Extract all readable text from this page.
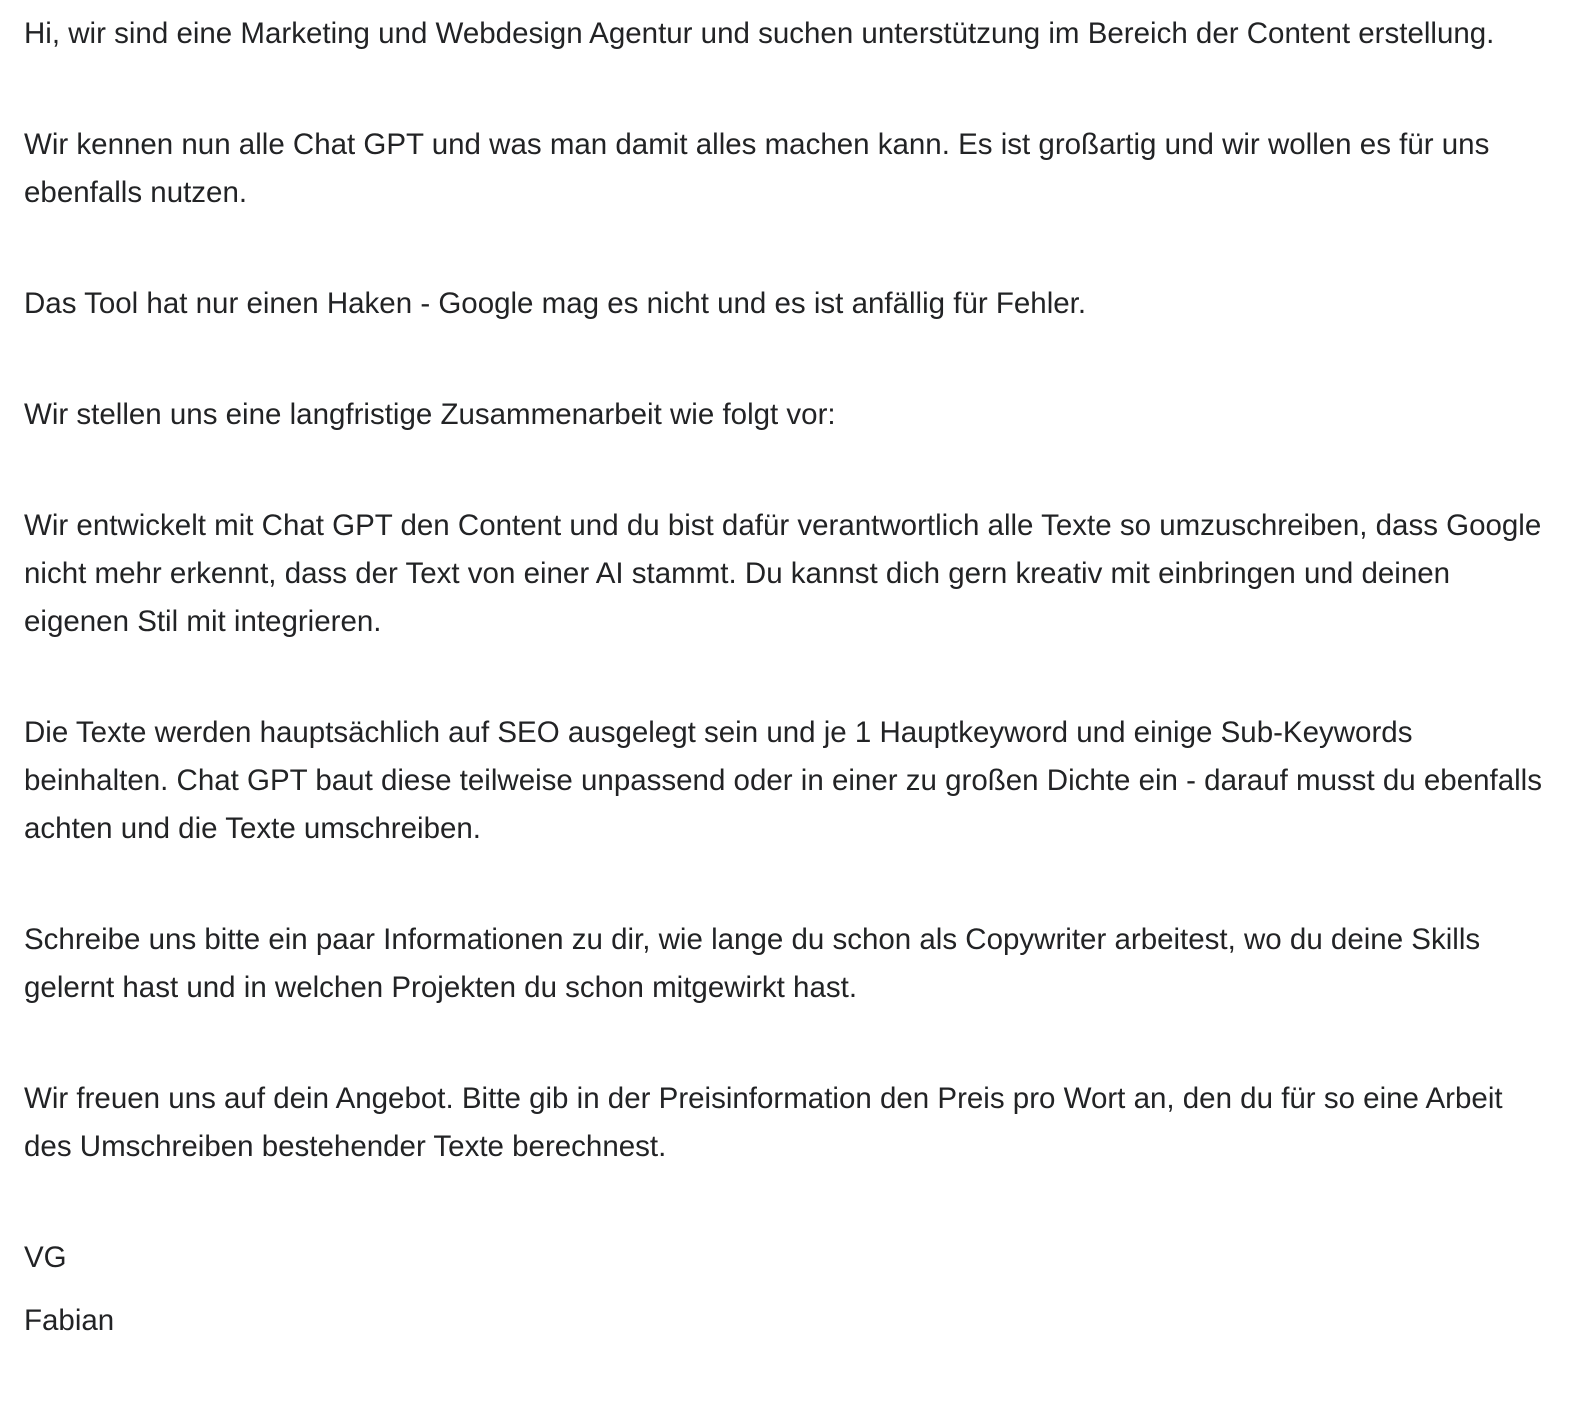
Hi, wir sind eine Marketing und Webdesign Agentur und suchen unterstützung im Bereich der Content erstellung.

Wir kennen nun alle Chat GPT und was man damit alles machen kann. Es ist großartig und wir wollen es für uns ebenfalls nutzen.

Das Tool hat nur einen Haken - Google mag es nicht und es ist anfällig für Fehler.

Wir stellen uns eine langfristige Zusammenarbeit wie folgt vor:

Wir entwickelt mit Chat GPT den Content und du bist dafür verantwortlich alle Texte so umzuschreiben, dass Google nicht mehr erkennt, dass der Text von einer AI stammt. Du kannst dich gern kreativ mit einbringen und deinen eigenen Stil mit integrieren.

Die Texte werden hauptsächlich auf SEO ausgelegt sein und je 1 Hauptkeyword und einige Sub-Keywords beinhalten. Chat GPT baut diese teilweise unpassend oder in einer zu großen Dichte ein - darauf musst du ebenfalls achten und die Texte umschreiben.

Schreibe uns bitte ein paar Informationen zu dir, wie lange du schon als Copywriter arbeitest, wo du deine Skills gelernt hast und in welchen Projekten du schon mitgewirkt hast.

Wir freuen uns auf dein Angebot. Bitte gib in der Preisinformation den Preis pro Wort an, den du für so eine Arbeit des Umschreiben bestehender Texte berechnest.

VG

Fabian
